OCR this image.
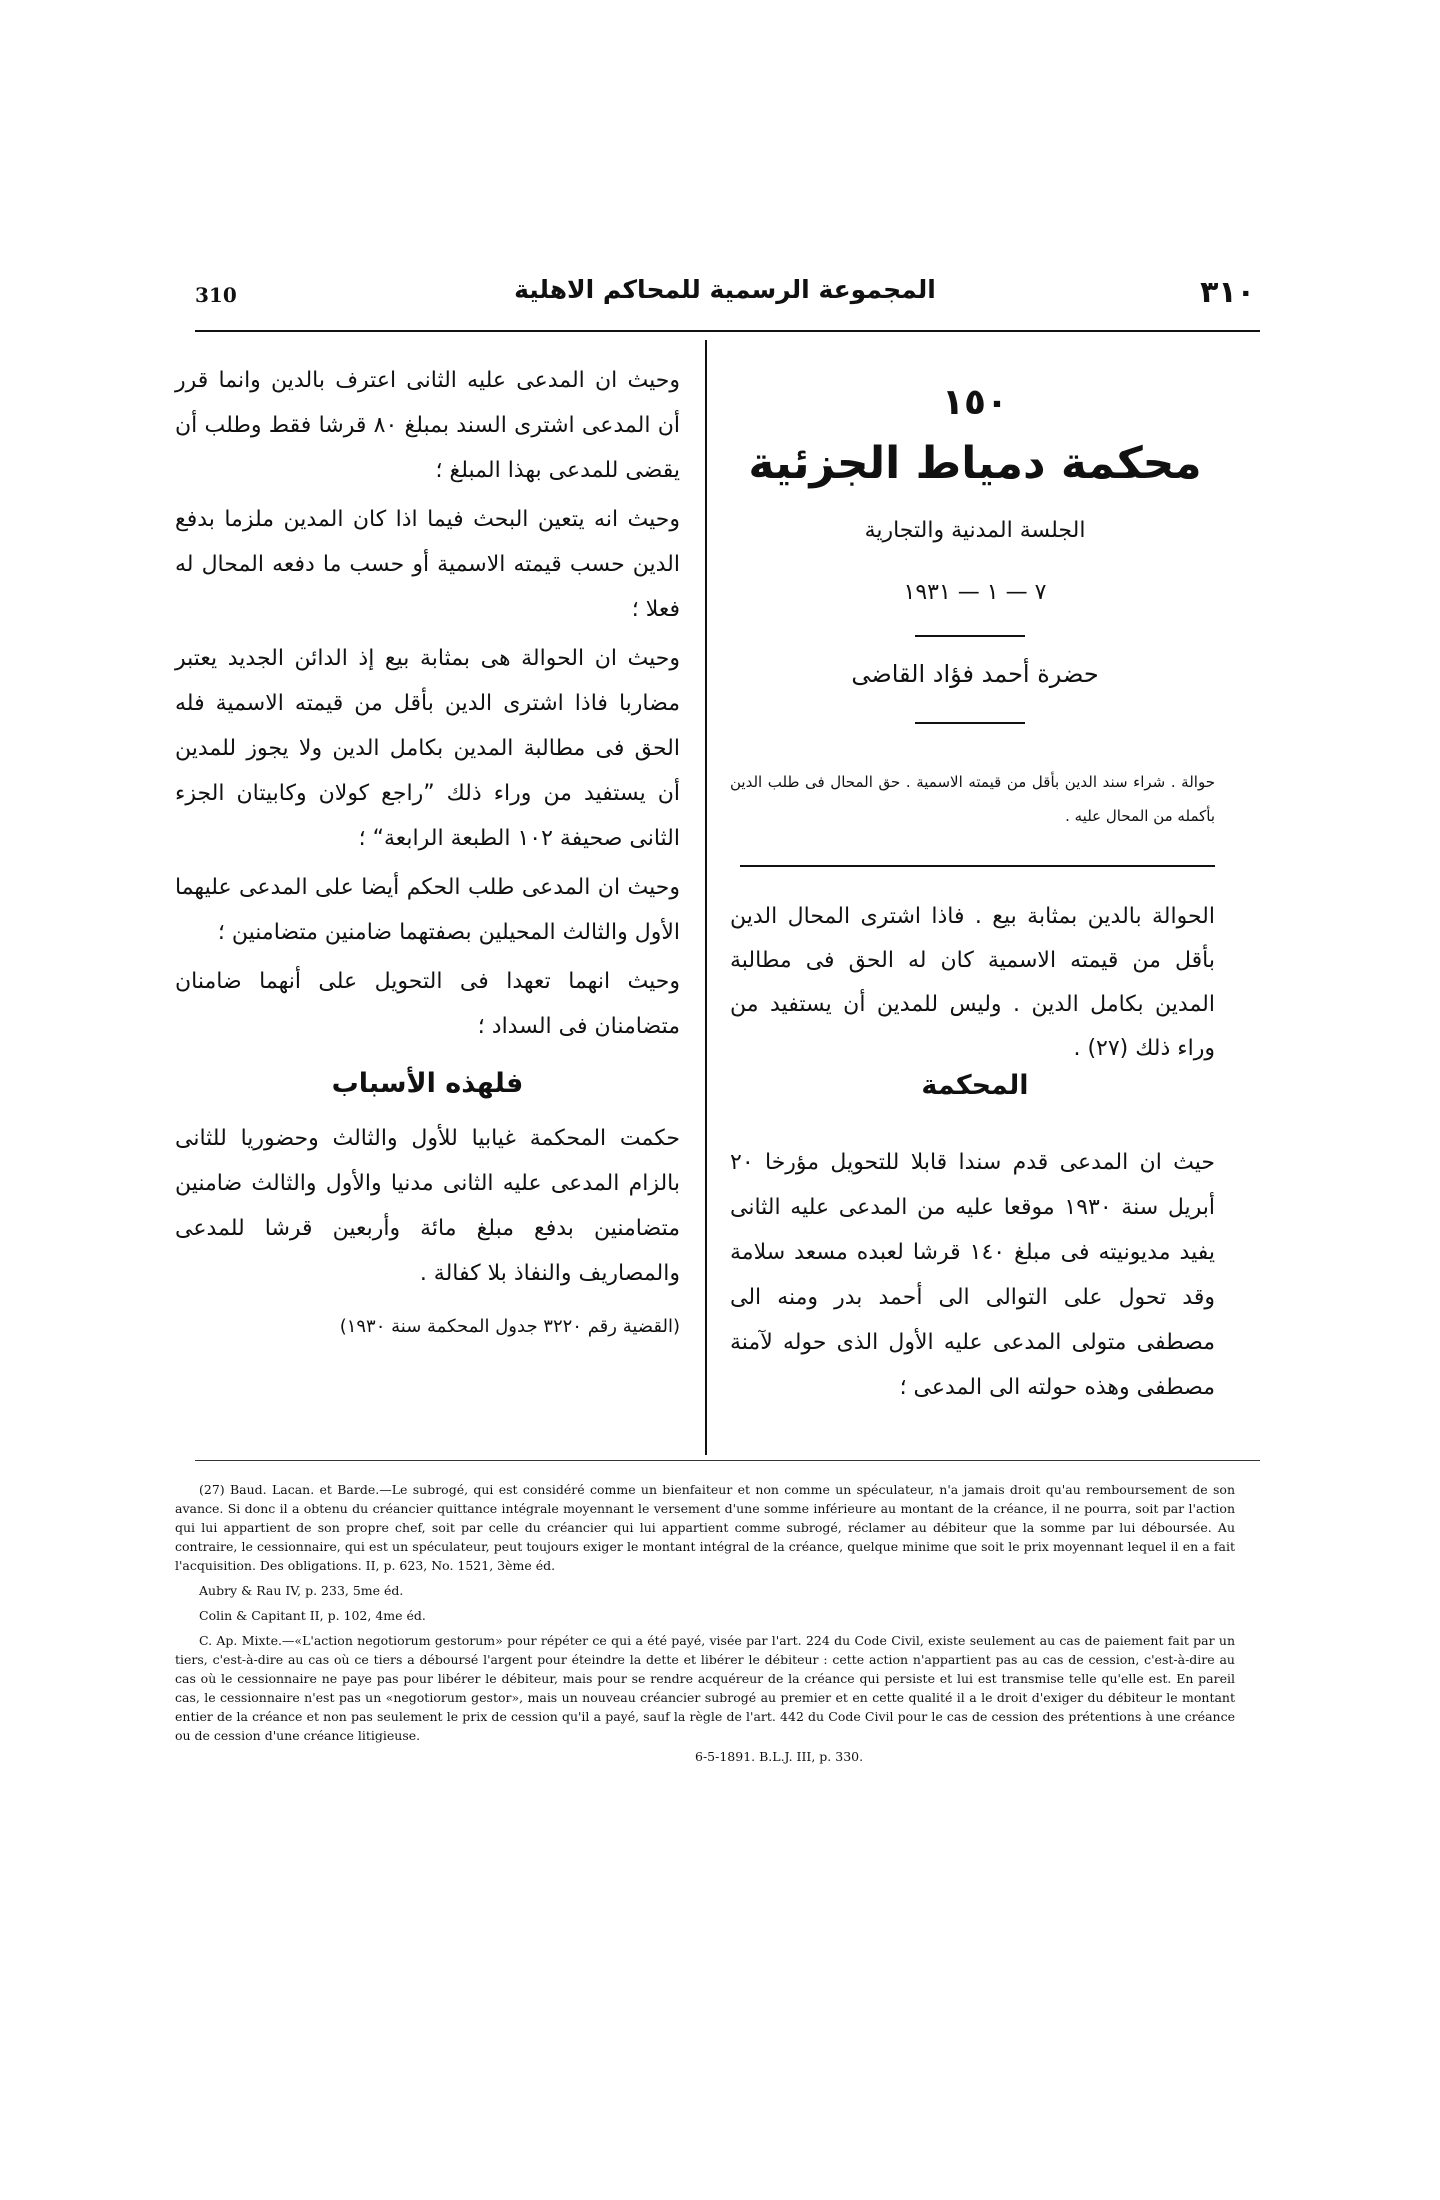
310	المجموعة الرسمية للمحاكم الاهلية	٣١٠
١٥٠
محكمة دمياط الجزئية
الجلسة المدنية والتجارية
٧ — ١ — ١٩٣١
حضرة أحمد فؤاد القاضى
حوالة . شراء سند الدين بأقل من قيمته الاسمية . حق المحال فى طلب الدين بأكمله من المحال عليه .
الحوالة بالدين بمثابة بيع . فاذا اشترى المحال الدين بأقل من قيمته الاسمية كان له الحق فى مطالبة المدين بكامل الدين . وليس للمدين أن يستفيد من وراء ذلك (٢٧) .
المحكمة
حيث ان المدعى قدم سندا قابلا للتحويل مؤرخا ٢٠ أبريل سنة ١٩٣٠ موقعا عليه من المدعى عليه الثانى يفيد مديونيته فى مبلغ ١٤٠ قرشا لعبده مسعد سلامة وقد تحول على التوالى الى أحمد بدر ومنه الى مصطفى متولى المدعى عليه الأول الذى حوله لآمنة مصطفى وهذه حولته الى المدعى ؛

وحيث ان المدعى عليه الثانى اعترف بالدين وانما قرر أن المدعى اشترى السند بمبلغ ٨٠ قرشا فقط وطلب أن يقضى للمدعى بهذا المبلغ ؛

وحيث انه يتعين البحث فيما اذا كان المدين ملزما بدفع الدين حسب قيمته الاسمية أو حسب ما دفعه المحال له فعلا ؛

وحيث ان الحوالة هى بمثابة بيع إذ الدائن الجديد يعتبر مضاربا فاذا اشترى الدين بأقل من قيمته الاسمية فله الحق فى مطالبة المدين بكامل الدين ولا يجوز للمدين أن يستفيد من وراء ذلك ”راجع كولان وكابيتان الجزء الثانى صحيفة ١٠٢ الطبعة الرابعة“ ؛

وحيث ان المدعى طلب الحكم أيضا على المدعى عليهما الأول والثالث المحيلين بصفتهما ضامنين متضامنين ؛

وحيث انهما تعهدا فى التحويل على أنهما ضامنان متضامنان فى السداد ؛

فلهذه الأسباب

حكمت المحكمة غيابيا للأول والثالث وحضوريا للثانى بالزام المدعى عليه الثانى مدنيا والأول والثالث ضامنين متضامنين بدفع مبلغ مائة وأربعين قرشا للمدعى والمصاريف والنفاذ بلا كفالة .

(القضية رقم ٣٢٢٠ جدول المحكمة سنة ١٩٣٠)

(27) Baud. Lacan. et Barde.—Le subrogé, qui est considéré comme un bienfaiteur et non comme un spéculateur, n'a jamais droit qu'au remboursement de son avance. Si donc il a obtenu du créancier quittance intégrale moyennant le versement d'une somme inférieure au montant de la créance, il ne pourra, soit par l'action qui lui appartient de son propre chef, soit par celle du créancier qui lui appartient comme subrogé, réclamer au débiteur que la somme par lui déboursée. Au contraire, le cessionnaire, qui est un spéculateur, peut toujours exiger le montant intégral de la créance, quelque minime que soit le prix moyennant lequel il en a fait l'acquisition. Des obligations. II, p. 623, No. 1521, 3ème éd.

Aubry & Rau IV, p. 233, 5me éd.

Colin & Capitant II, p. 102, 4me éd.

C. Ap. Mixte.—«L'action negotiorum gestorum» pour répéter ce qui a été payé, visée par l'art. 224 du Code Civil, existe seulement au cas de paiement fait par un tiers, c'est-à-dire au cas où ce tiers a déboursé l'argent pour éteindre la dette et libérer le débiteur : cette action n'appartient pas au cas de cession, c'est-à-dire au cas où le cessionnaire ne paye pas pour libérer le débiteur, mais pour se rendre acquéreur de la créance qui persiste et lui est transmise telle qu'elle est. En pareil cas, le cessionnaire n'est pas un «negotiorum gestor», mais un nouveau créancier subrogé au premier et en cette qualité il a le droit d'exiger du débiteur le montant entier de la créance et non pas seulement le prix de cession qu'il a payé, sauf la règle de l'art. 442 du Code Civil pour le cas de cession des prétentions à une créance ou de cession d'une créance litigieuse.

6-5-1891. B.L.J. III, p. 330.
